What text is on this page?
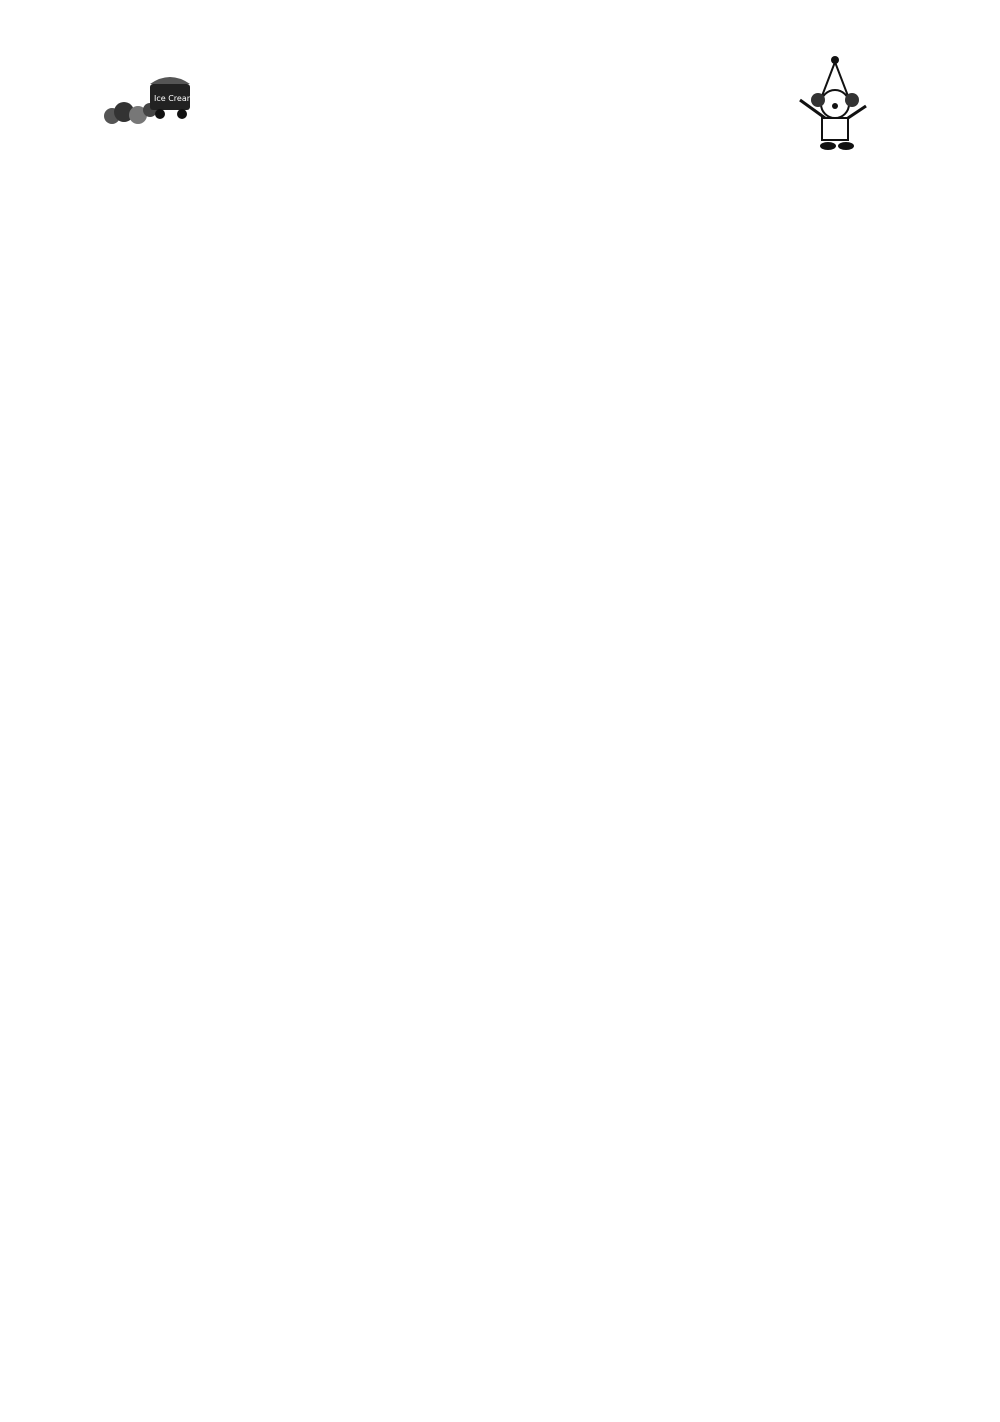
Ice Cream
